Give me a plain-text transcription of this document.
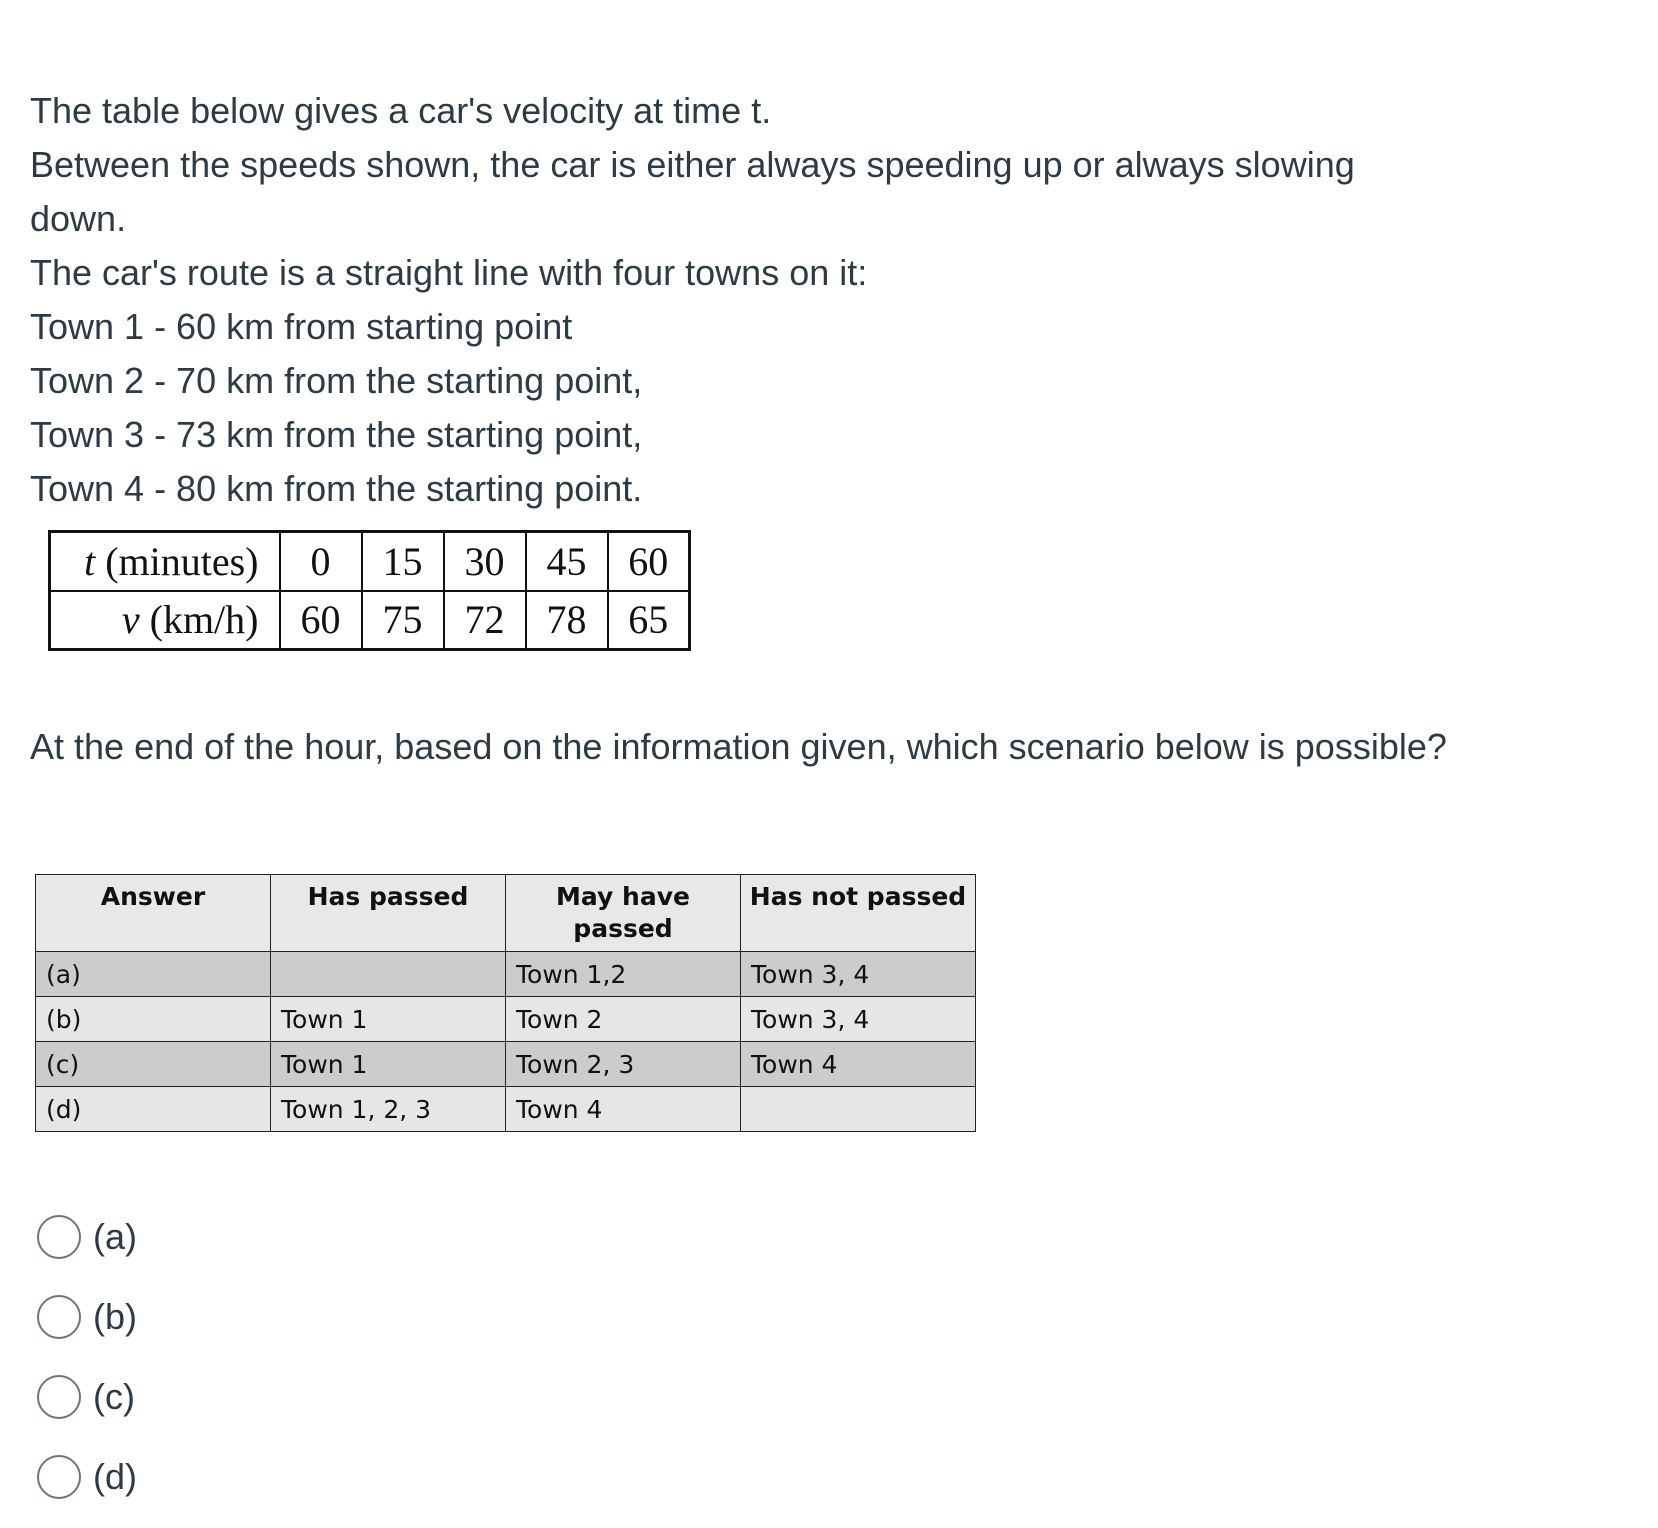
The table below gives a car's velocity at time t.

Between the speeds shown, the car is either always speeding up or always slowing down.

The car's route is a straight line with four towns on it:

Town 1 - 60 km from starting point

Town 2 - 70 km from the starting point,

Town 3 - 73 km from the starting point,

Town 4 - 80 km from the starting point.

t (minutes)	0	15	30	45	60
v (km/h)	60	75	72	78	65

At the end of the hour, based on the information given, which scenario below is possible?

Answer	Has passed	May have passed	Has not passed
(a)		Town 1,2	Town 3, 4
(b)	Town 1	Town 2	Town 3, 4
(c)	Town 1	Town 2, 3	Town 4
(d)	Town 1, 2, 3	Town 4	
(a)
(b)
(c)
(d)
